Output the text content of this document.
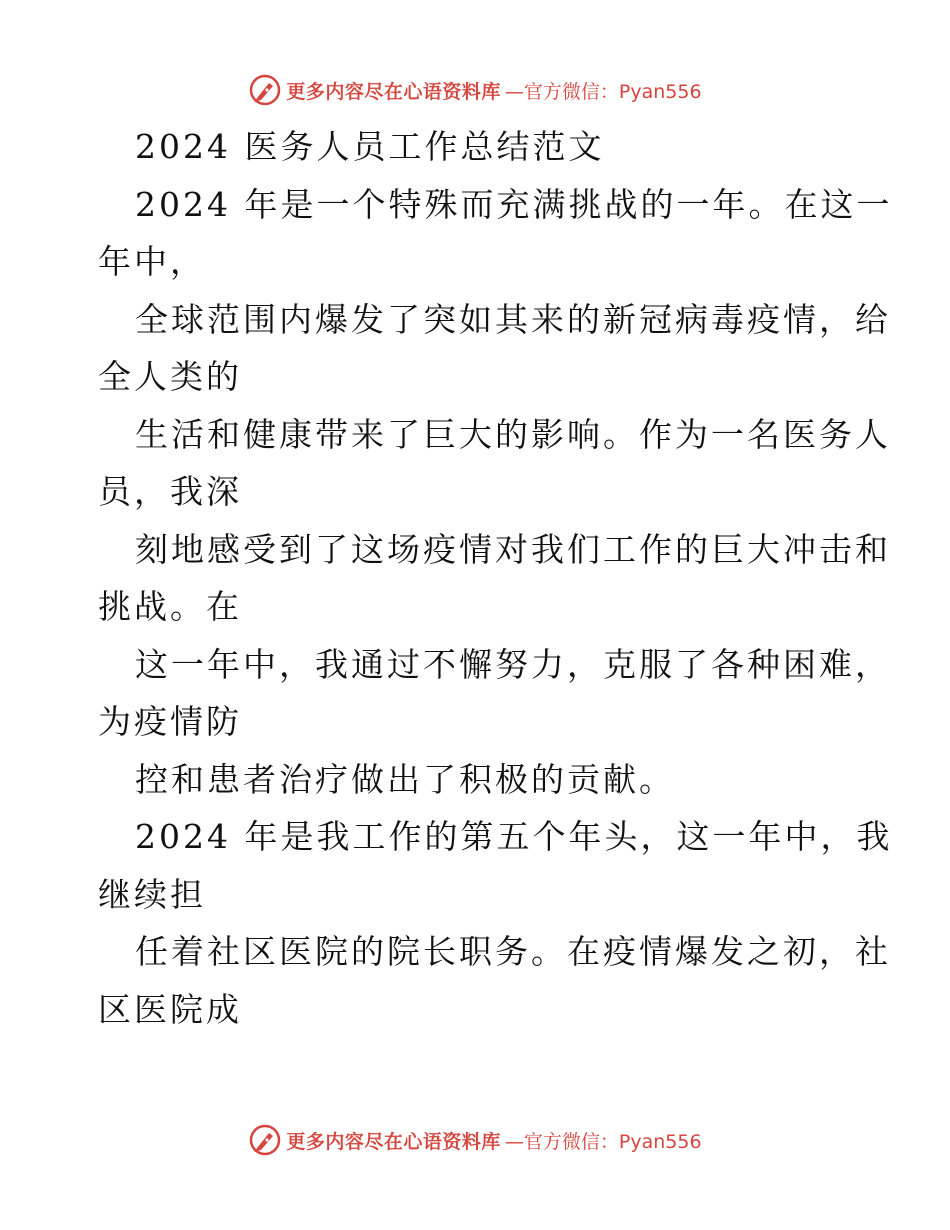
更多内容尽在心语资料库 —官方微信：Pyan556
2024 医务人员工作总结范文
2024 年是一个特殊而充满挑战的一年。在这一
年中，
全球范围内爆发了突如其来的新冠病毒疫情，给
全人类的
生活和健康带来了巨大的影响。作为一名医务人
员，我深
刻地感受到了这场疫情对我们工作的巨大冲击和
挑战。在
这一年中，我通过不懈努力，克服了各种困难，
为疫情防
控和患者治疗做出了积极的贡献。
2024 年是我工作的第五个年头，这一年中，我
继续担
任着社区医院的院长职务。在疫情爆发之初，社
区医院成
更多内容尽在心语资料库 —官方微信：Pyan556
